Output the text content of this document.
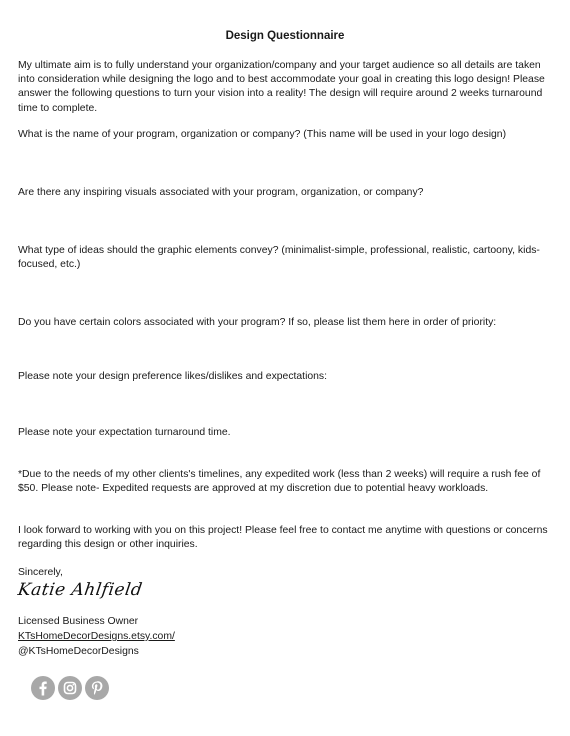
Design Questionnaire

My ultimate aim is to fully understand your organization/company and your target audience so all details are taken into consideration while designing the logo and to best accommodate your goal in creating this logo design! Please answer the following questions to turn your vision into a reality! The design will require around 2 weeks turnaround time to complete.

What is the name of your program, organization or company? (This name will be used in your logo design)

Are there any inspiring visuals associated with your program, organization, or company?

What type of ideas should the graphic elements convey? (minimalist-simple, professional, realistic, cartoony, kids-focused, etc.)

Do you have certain colors associated with your program? If so, please list them here in order of priority:

Please note your design preference likes/dislikes and expectations:

Please note your expectation turnaround time.

*Due to the needs of my other clients's timelines, any expedited work (less than 2 weeks) will require a rush fee of $50. Please note- Expedited requests are approved at my discretion due to potential heavy workloads.

I look forward to working with you on this project! Please feel free to contact me anytime with questions or concerns regarding this design or other inquiries.

Sincerely,

Katie Ahlfield
Licensed Business Owner
KTsHomeDecorDesigns.etsy.com/
@KTsHomeDecorDesigns
